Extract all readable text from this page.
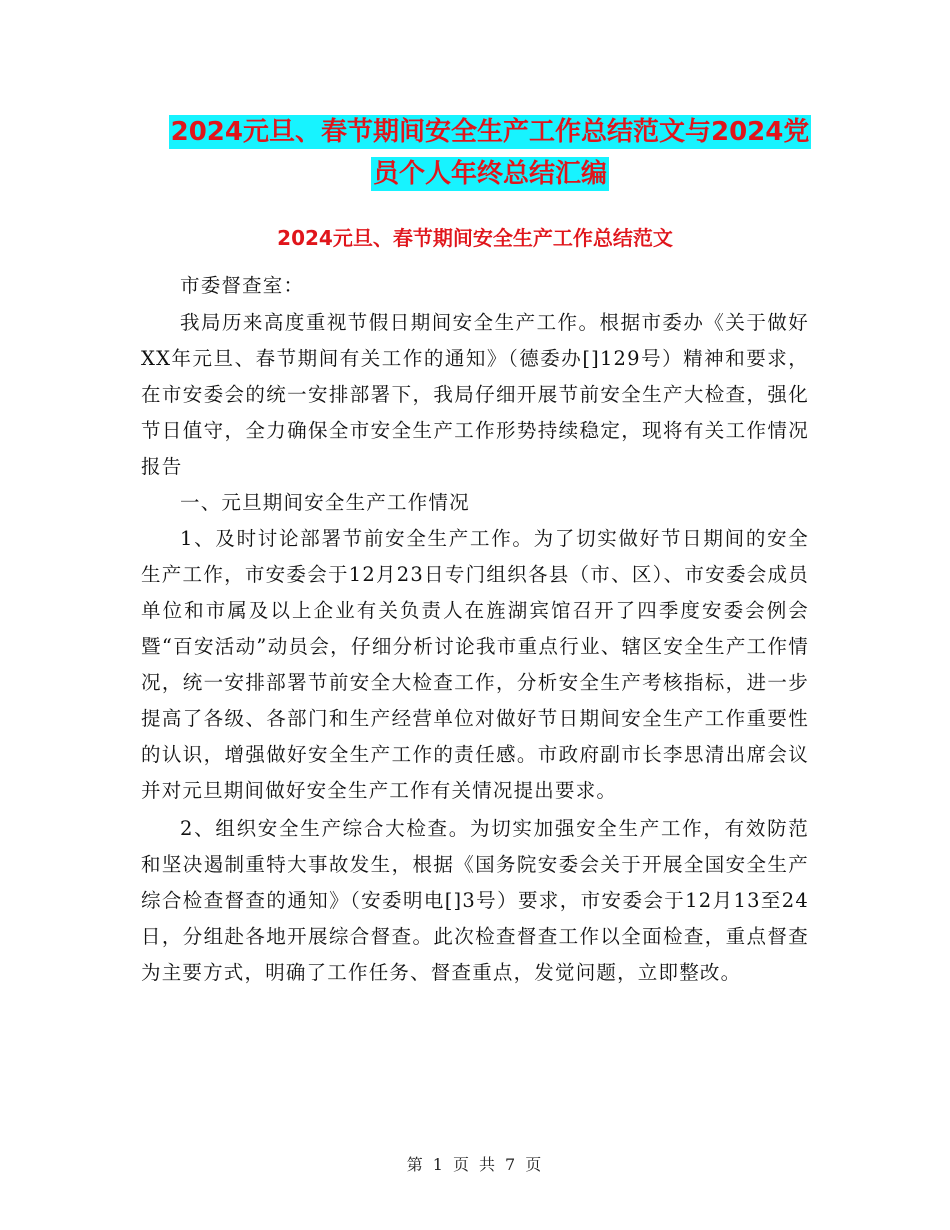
2024元旦、春节期间安全生产工作总结范文与2024党
员个人年终总结汇编
2024元旦、春节期间安全生产工作总结范文

市委督查室：

我局历来高度重视节假日期间安全生产工作。根据市委办《关于做好XX年元旦、春节期间有关工作的通知》（德委办[]129号）精神和要求，在市安委会的统一安排部署下，我局仔细开展节前安全生产大检查，强化节日值守，全力确保全市安全生产工作形势持续稳定，现将有关工作情况报告

一、元旦期间安全生产工作情况

1、及时讨论部署节前安全生产工作。为了切实做好节日期间的安全生产工作，市安委会于12月23日专门组织各县（市、区）、市安委会成员单位和市属及以上企业有关负责人在旌湖宾馆召开了四季度安委会例会暨“百安活动”动员会，仔细分析讨论我市重点行业、辖区安全生产工作情况，统一安排部署节前安全大检查工作，分析安全生产考核指标，进一步提高了各级、各部门和生产经营单位对做好节日期间安全生产工作重要性的认识，增强做好安全生产工作的责任感。市政府副市长李思清出席会议并对元旦期间做好安全生产工作有关情况提出要求。

2、组织安全生产综合大检查。为切实加强安全生产工作，有效防范和坚决遏制重特大事故发生，根据《国务院安委会关于开展全国安全生产综合检查督查的通知》（安委明电[]3号）要求，市安委会于12月13至24日，分组赴各地开展综合督查。此次检查督查工作以全面检查，重点督查为主要方式，明确了工作任务、督查重点，发觉问题，立即整改。

第 1 页 共 7 页
